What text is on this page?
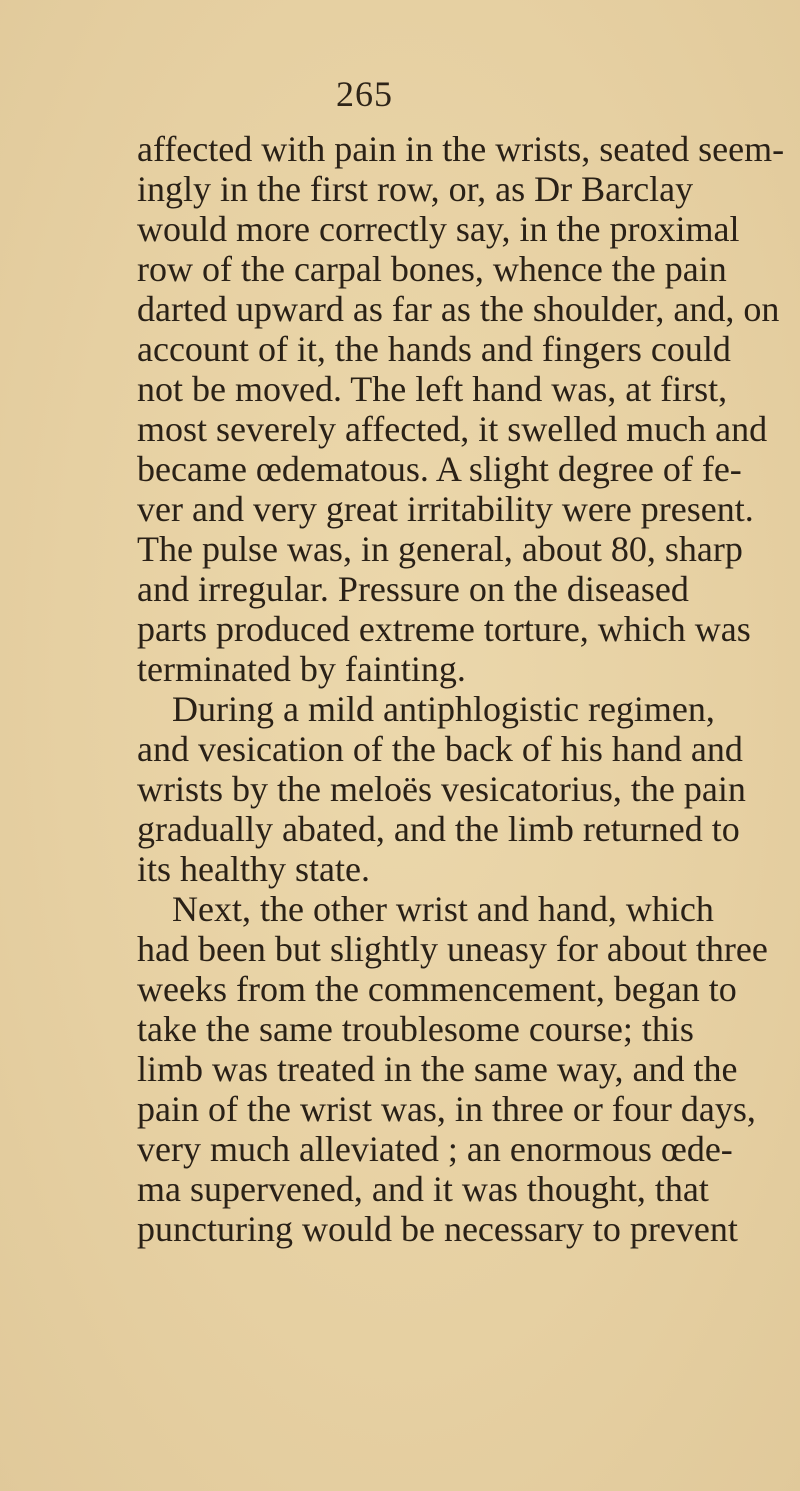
265
affected with pain in the wrists, seated seem-
ingly in the first row, or, as Dr Barclay
would more correctly say, in the proximal
row of the carpal bones, whence the pain
darted upward as far as the shoulder, and, on
account of it, the hands and fingers could
not be moved. The left hand was, at first,
most severely affected, it swelled much and
became œdematous. A slight degree of fe-
ver and very great irritability were present.
The pulse was, in general, about 80, sharp
and irregular. Pressure on the diseased
parts produced extreme torture, which was
terminated by fainting.
During a mild antiphlogistic regimen,
and vesication of the back of his hand and
wrists by the meloës vesicatorius, the pain
gradually abated, and the limb returned to
its healthy state.
Next, the other wrist and hand, which
had been but slightly uneasy for about three
weeks from the commencement, began to
take the same troublesome course; this
limb was treated in the same way, and the
pain of the wrist was, in three or four days,
very much alleviated ; an enormous œde-
ma supervened, and it was thought, that
puncturing would be necessary to prevent
